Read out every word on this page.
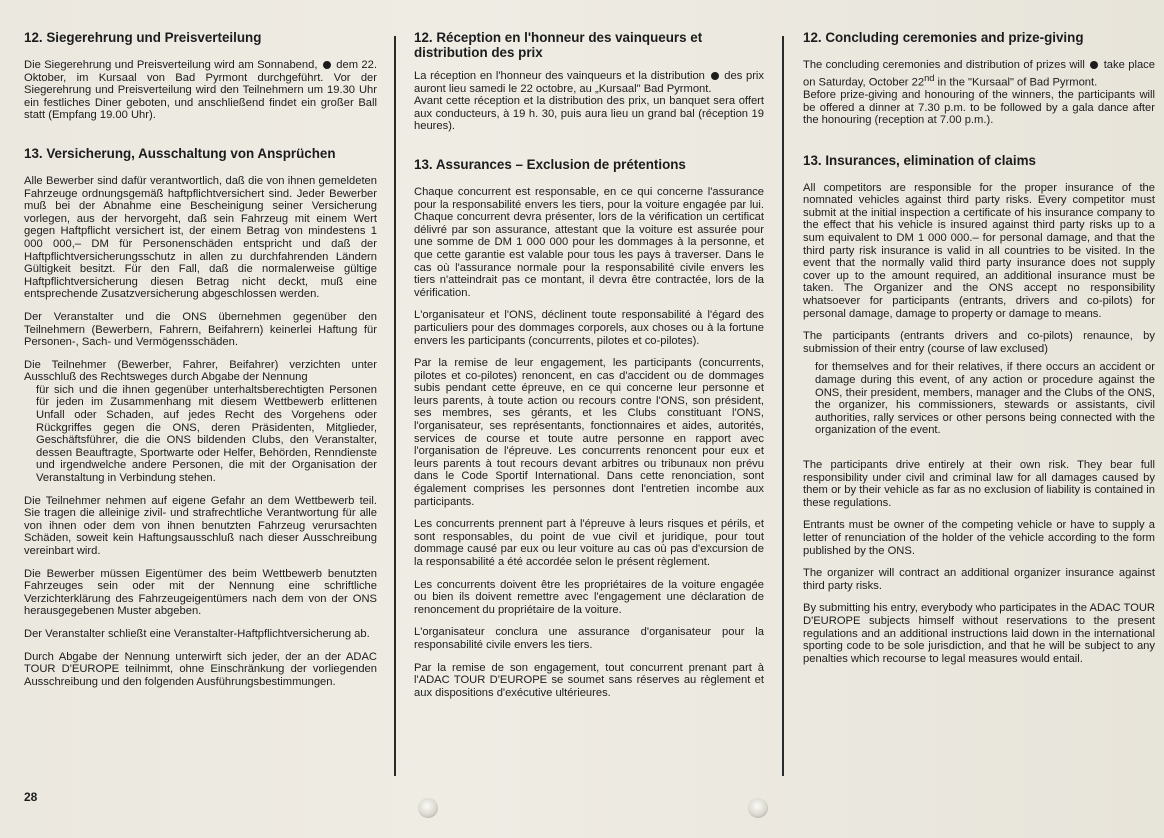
12. Siegerehrung und Preisverteilung

Die Siegerehrung und Preisverteilung wird am Sonnabend, dem 22. Oktober, im Kursaal von Bad Pyrmont durchgeführt. Vor der Siegerehrung und Preisverteilung wird den Teilnehmern um 19.30 Uhr ein festliches Diner geboten, und anschließend findet ein großer Ball statt (Empfang 19.00 Uhr).

13. Versicherung, Ausschaltung von Ansprüchen

Alle Bewerber sind dafür verantwortlich, daß die von ihnen gemeldeten Fahrzeuge ordnungsgemäß haftpflichtversichert sind. Jeder Bewerber muß bei der Abnahme eine Bescheinigung seiner Versicherung vorlegen, aus der hervorgeht, daß sein Fahrzeug mit einem Wert gegen Haftpflicht versichert ist, der einem Betrag von mindestens 1 000 000,– DM für Personenschäden entspricht und daß der Haftpflichtversicherungsschutz in allen zu durchfahrenden Ländern Gültigkeit besitzt. Für den Fall, daß die normalerweise gültige Haftpflichtversicherung diesen Betrag nicht deckt, muß eine entsprechende Zusatzversicherung abgeschlossen werden.

Der Veranstalter und die ONS übernehmen gegenüber den Teilnehmern (Bewerbern, Fahrern, Beifahrern) keinerlei Haftung für Personen-, Sach- und Vermögensschäden.

Die Teilnehmer (Bewerber, Fahrer, Beifahrer) verzichten unter Ausschluß des Rechtsweges durch Abgabe der Nennung

für sich und die ihnen gegenüber unterhaltsberechtigten Personen für jeden im Zusammenhang mit diesem Wettbewerb erlittenen Unfall oder Schaden, auf jedes Recht des Vorgehens oder Rückgriffes gegen die ONS, deren Präsidenten, Mitglieder, Geschäftsführer, die die ONS bildenden Clubs, den Veranstalter, dessen Beauftragte, Sportwarte oder Helfer, Behörden, Renndienste und irgendwelche andere Personen, die mit der Organisation der Veranstaltung in Verbindung stehen.

Die Teilnehmer nehmen auf eigene Gefahr an dem Wettbewerb teil. Sie tragen die alleinige zivil- und strafrechtliche Verantwortung für alle von ihnen oder dem von ihnen benutzten Fahrzeug verursachten Schäden, soweit kein Haftungsausschluß nach dieser Ausschreibung vereinbart wird.

Die Bewerber müssen Eigentümer des beim Wettbewerb benutzten Fahrzeuges sein oder mit der Nennung eine schriftliche Verzichterklärung des Fahrzeugeigentümers nach dem von der ONS herausgegebenen Muster abgeben.

Der Veranstalter schließt eine Veranstalter-Haftpflichtversicherung ab.

Durch Abgabe der Nennung unterwirft sich jeder, der an der ADAC TOUR D'EUROPE teilnimmt, ohne Einschränkung der vorliegenden Ausschreibung und den folgenden Ausführungsbestimmungen.

12. Réception en l'honneur des vainqueurs et distribution des prix

La réception en l'honneur des vainqueurs et la distribution des prix auront lieu samedi le 22 octobre, au „Kursaal" Bad Pyrmont.

Avant cette réception et la distribution des prix, un banquet sera offert aux conducteurs, à 19 h. 30, puis aura lieu un grand bal (réception 19 heures).

13. Assurances – Exclusion de prétentions

Chaque concurrent est responsable, en ce qui concerne l'assurance pour la responsabilité envers les tiers, pour la voiture engagée par lui. Chaque concurrent devra présenter, lors de la vérification un certificat délivré par son assurance, attestant que la voiture est assurée pour une somme de DM 1 000 000 pour les dommages à la personne, et que cette garantie est valable pour tous les pays à traverser. Dans le cas où l'assurance normale pour la responsabilité civile envers les tiers n'atteindrait pas ce montant, il devra être contractée, lors de la vérification.

L'organisateur et l'ONS, déclinent toute responsabilité à l'égard des particuliers pour des dommages corporels, aux choses ou à la fortune envers les participants (concurrents, pilotes et co-pilotes).

Par la remise de leur engagement, les participants (concurrents, pilotes et co-pilotes) renoncent, en cas d'accident ou de dommages subis pendant cette épreuve, en ce qui concerne leur personne et leurs parents, à toute action ou recours contre l'ONS, son président, ses membres, ses gérants, et les Clubs constituant l'ONS, l'organisateur, ses représentants, fonctionnaires et aides, autorités, services de course et toute autre personne en rapport avec l'organisation de l'épreuve. Les concurrents renoncent pour eux et leurs parents à tout recours devant arbitres ou tribunaux non prévu dans le Code Sportif International. Dans cette renonciation, sont également comprises les personnes dont l'entretien incombe aux participants.

Les concurrents prennent part à l'épreuve à leurs risques et périls, et sont responsables, du point de vue civil et juridique, pour tout dommage causé par eux ou leur voiture au cas où pas d'excursion de la responsabilité a été accordée selon le présent règlement.

Les concurrents doivent être les propriétaires de la voiture engagée ou bien ils doivent remettre avec l'engagement une déclaration de renoncement du propriétaire de la voiture.

L'organisateur conclura une assurance d'organisateur pour la responsabilité civile envers les tiers.

Par la remise de son engagement, tout concurrent prenant part à l'ADAC TOUR D'EUROPE se soumet sans réserves au règlement et aux dispositions d'exécutive ultérieures.

12. Concluding ceremonies and prize-giving

The concluding ceremonies and distribution of prizes will take place on Saturday, October 22nd in the "Kursaal" of Bad Pyrmont.

Before prize-giving and honouring of the winners, the participants will be offered a dinner at 7.30 p.m. to be followed by a gala dance after the honouring (reception at 7.00 p.m.).

13. Insurances, elimination of claims

All competitors are responsible for the proper insurance of the nomnated vehicles against third party risks. Every competitor must submit at the initial inspection a certificate of his insurance company to the effect that his vehicle is insured against third party risks up to a sum equivalent to DM 1 000 000.– for personal damage, and that the third party risk insurance is valid in all countries to be visited. In the event that the normally valid third party insurance does not supply cover up to the amount required, an additional insurance must be taken. The Organizer and the ONS accept no responsibility whatsoever for participants (entrants, drivers and co-pilots) for personal damage, damage to property or damage to means.

The participants (entrants drivers and co-pilots) renaunce, by submission of their entry (course of law exclused)

for themselves and for their relatives, if there occurs an accident or damage during this event, of any action or procedure against the ONS, their president, members, manager and the Clubs of the ONS, the organizer, his commissioners, stewards or assistants, civil authorities, rally services or other persons being connected with the organization of the event.

The participants drive entirely at their own risk. They bear full responsibility under civil and criminal law for all damages caused by them or by their vehicle as far as no exclusion of liability is contained in these regulations.

Entrants must be owner of the competing vehicle or have to supply a letter of renunciation of the holder of the vehicle according to the form published by the ONS.

The organizer will contract an additional organizer insurance against third party risks.

By submitting his entry, everybody who participates in the ADAC TOUR D'EUROPE subjects himself without reservations to the present regulations and an additional instructions laid down in the international sporting code to be sole jurisdiction, and that he will be subject to any penalties which recourse to legal measures would entail.

28
